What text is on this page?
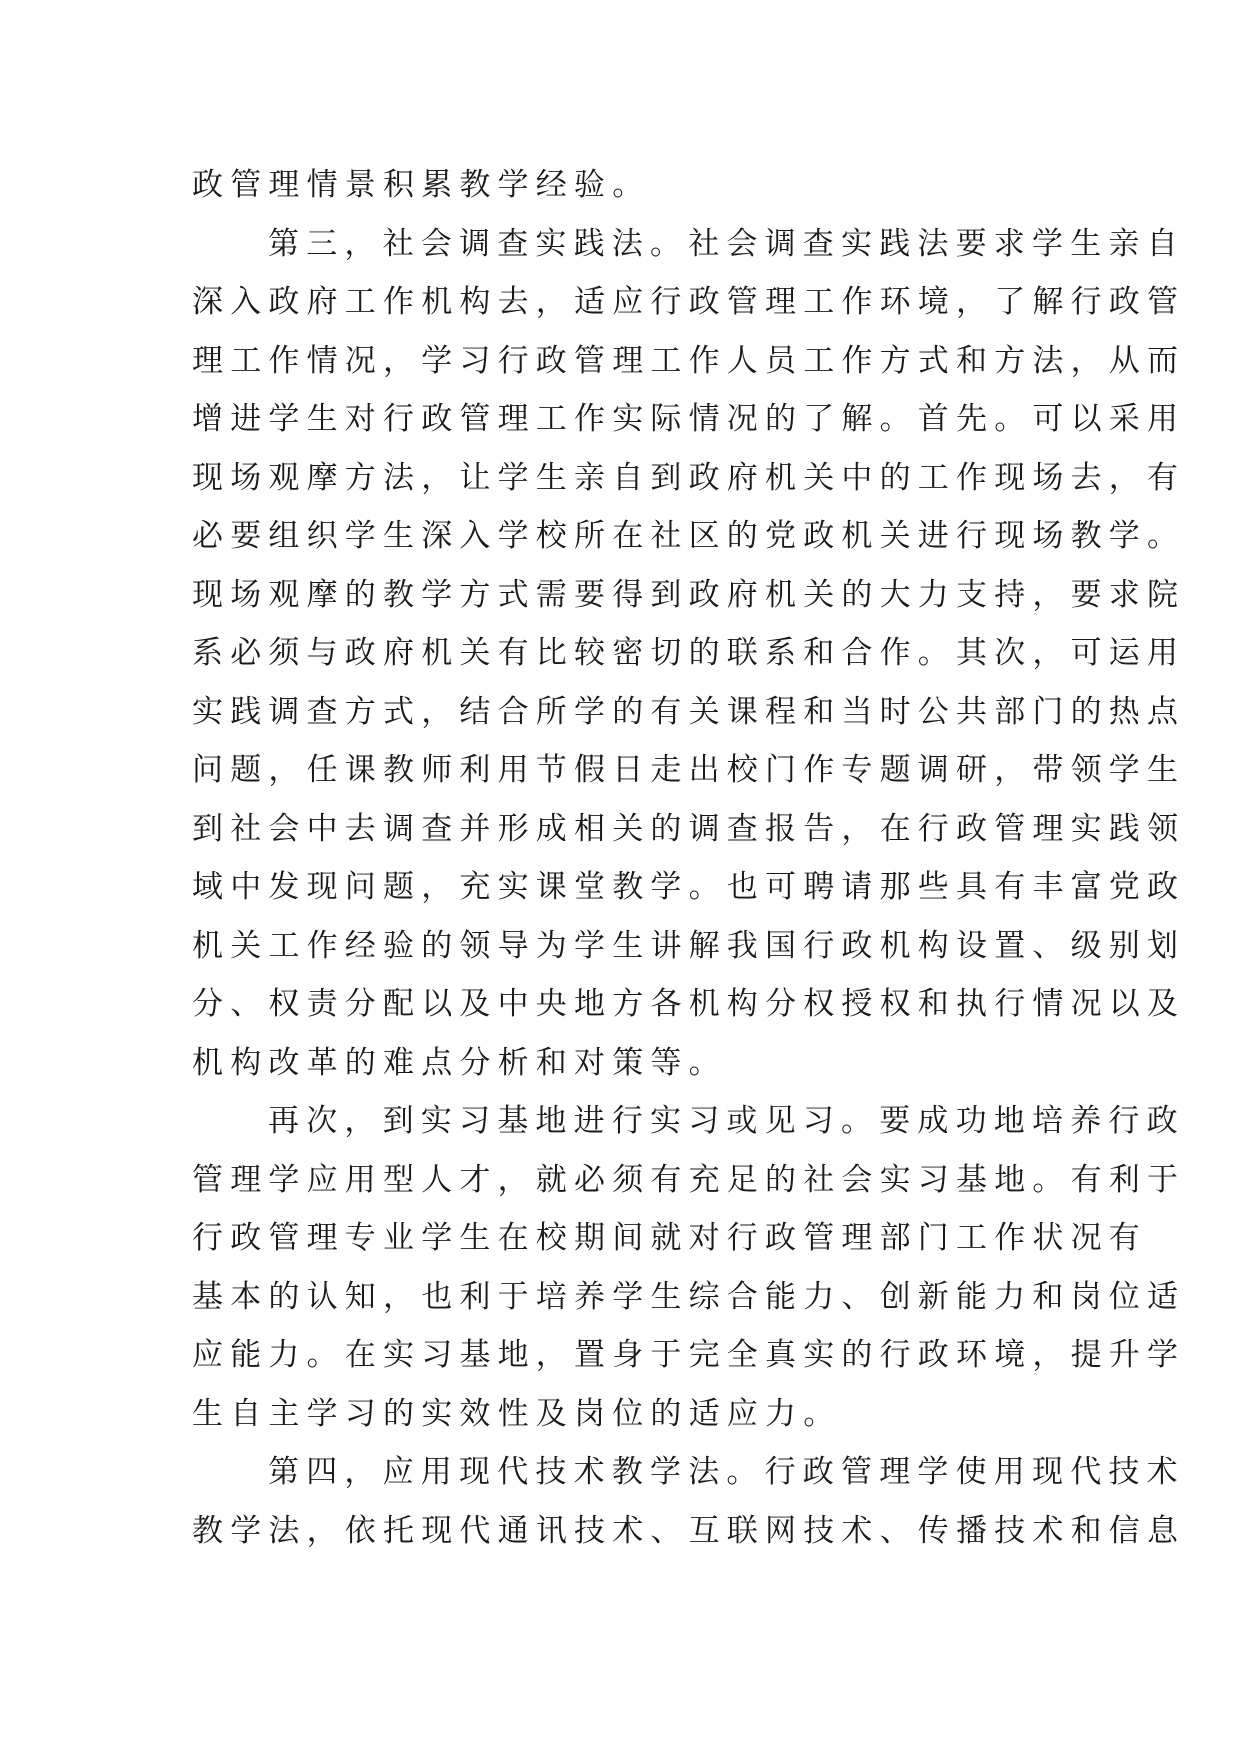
政管理情景积累教学经验。
第三，社会调查实践法。社会调查实践法要求学生亲自
深入政府工作机构去，适应行政管理工作环境，了解行政管
理工作情况，学习行政管理工作人员工作方式和方法，从而
增进学生对行政管理工作实际情况的了解。首先。可以采用
现场观摩方法，让学生亲自到政府机关中的工作现场去，有
必要组织学生深入学校所在社区的党政机关进行现场教学。
现场观摩的教学方式需要得到政府机关的大力支持，要求院
系必须与政府机关有比较密切的联系和合作。其次，可运用
实践调查方式，结合所学的有关课程和当时公共部门的热点
问题，任课教师利用节假日走出校门作专题调研，带领学生
到社会中去调查并形成相关的调查报告，在行政管理实践领
域中发现问题，充实课堂教学。也可聘请那些具有丰富党政
机关工作经验的领导为学生讲解我国行政机构设置、级别划
分、权责分配以及中央地方各机构分权授权和执行情况以及
机构改革的难点分析和对策等。
再次，到实习基地进行实习或见习。要成功地培养行政
管理学应用型人才，就必须有充足的社会实习基地。有利于
行政管理专业学生在校期间就对行政管理部门工作状况有
基本的认知，也利于培养学生综合能力、创新能力和岗位适
应能力。在实习基地，置身于完全真实的行政环境，提升学
生自主学习的实效性及岗位的适应力。
第四，应用现代技术教学法。行政管理学使用现代技术
教学法，依托现代通讯技术、互联网技术、传播技术和信息
